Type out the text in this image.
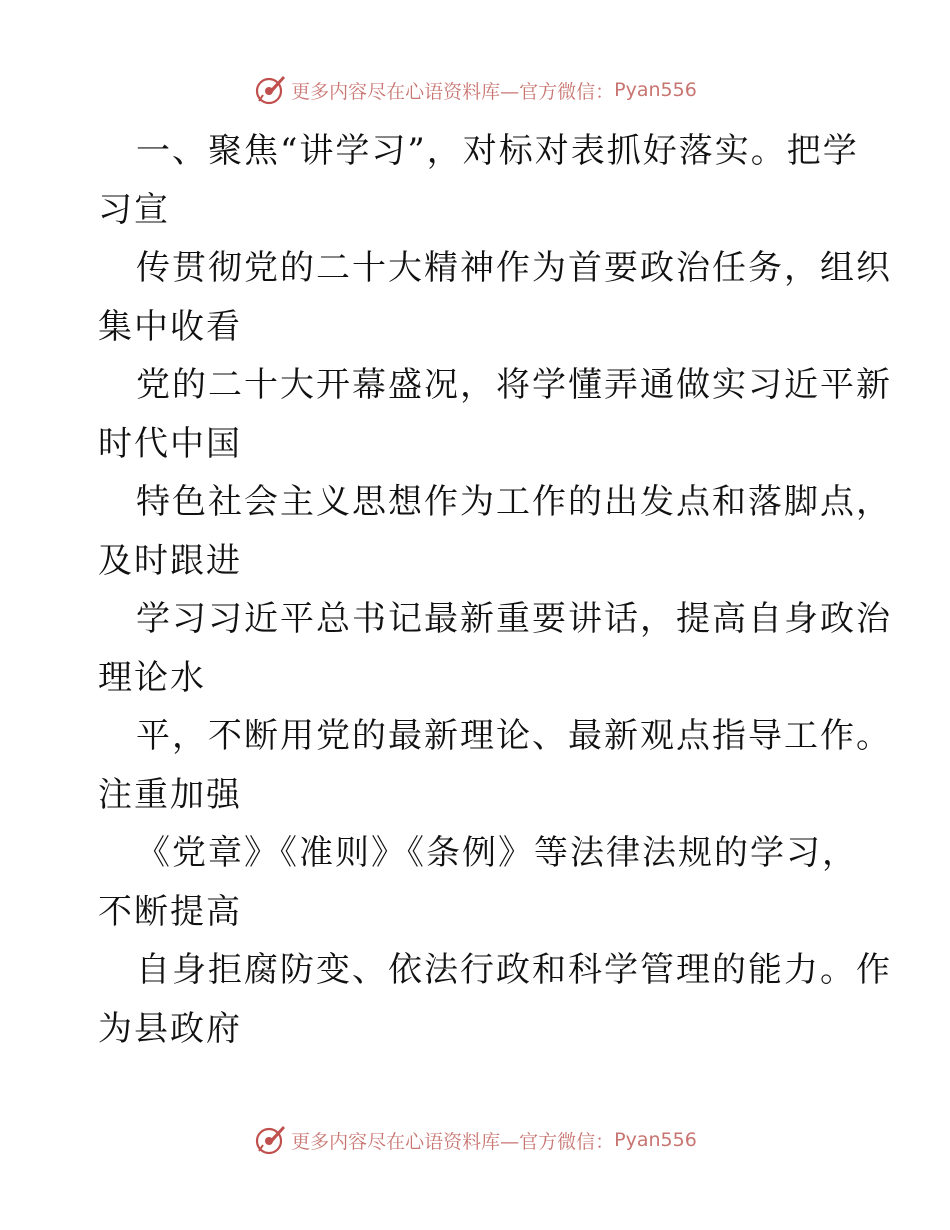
更多内容尽在心语资料库—官方微信： Pyan556
一、聚焦“讲学习”，对标对表抓好落实。把学
习宣
传贯彻党的二十大精神作为首要政治任务，组织
集中收看
党的二十大开幕盛况，将学懂弄通做实习近平新
时代中国
特色社会主义思想作为工作的出发点和落脚点，
及时跟进
学习习近平总书记最新重要讲话，提高自身政治
理论水
平，不断用党的最新理论、最新观点指导工作。
注重加强
《党章》《准则》《条例》等法律法规的学习，
不断提高
自身拒腐防变、依法行政和科学管理的能力。作
为县政府
更多内容尽在心语资料库—官方微信： Pyan556
